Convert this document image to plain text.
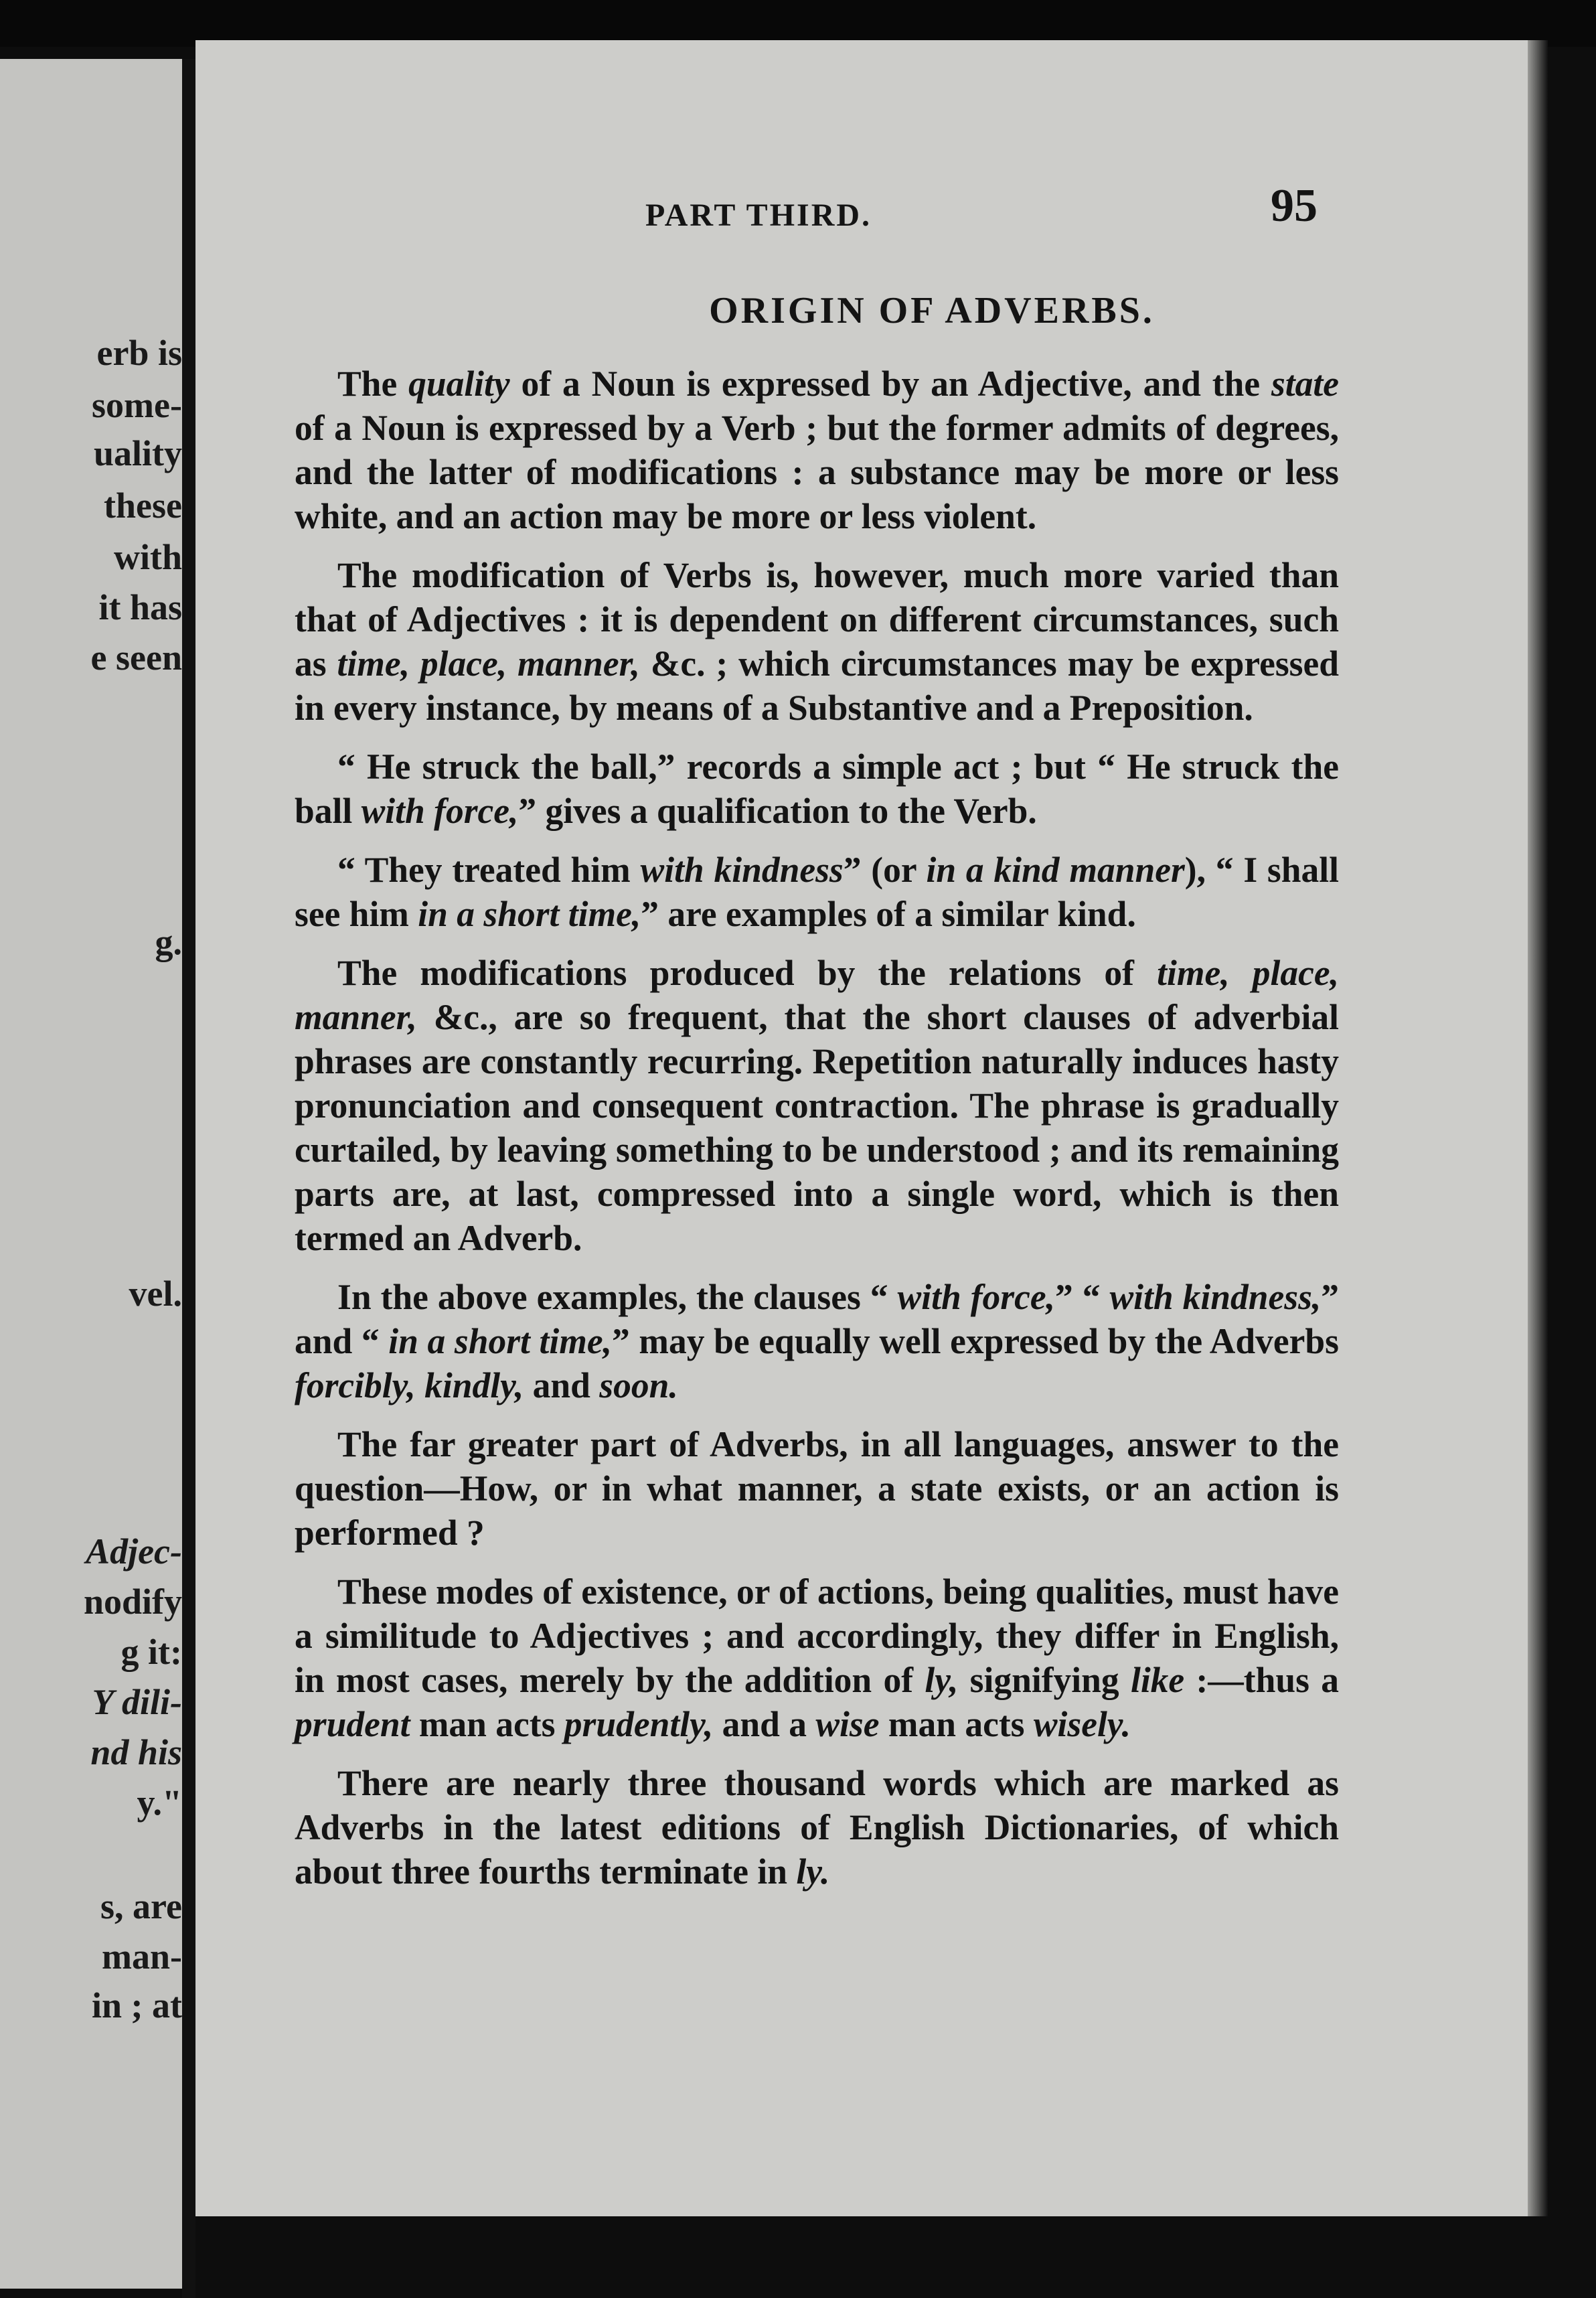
erb is
some-
uality
these
with
it has
e seen
g.
vel.
Adjec-
nodify
g it:
Y dili-
nd his
y."
s, are
man-
in ; at
PART THIRD.	95
ORIGIN OF ADVERBS.

The quality of a Noun is expressed by an Adjective, and the state of a Noun is expressed by a Verb ; but the former admits of degrees, and the latter of modifications : a substance may be more or less white, and an action may be more or less violent.

The modification of Verbs is, however, much more varied than that of Adjectives : it is dependent on different circumstances, such as time, place, manner, &c. ; which circumstances may be expressed in every instance, by means of a Substantive and a Preposition.

“ He struck the ball,” records a simple act ; but “ He struck the ball with force,” gives a qualification to the Verb.

“ They treated him with kindness” (or in a kind manner), “ I shall see him in a short time,” are examples of a similar kind.

The modifications produced by the relations of time, place, manner, &c., are so frequent, that the short clauses of adverbial phrases are constantly recurring. Repetition naturally induces hasty pronunciation and consequent contraction. The phrase is gradually curtailed, by leaving something to be understood ; and its remaining parts are, at last, compressed into a single word, which is then termed an Adverb.

In the above examples, the clauses “ with force,” “ with kindness,” and “ in a short time,” may be equally well expressed by the Adverbs forcibly, kindly, and soon.

The far greater part of Adverbs, in all languages, answer to the question—How, or in what manner, a state exists, or an action is performed ?

These modes of existence, or of actions, being qualities, must have a similitude to Adjectives ; and accordingly, they differ in English, in most cases, merely by the addition of ly, signifying like :—thus a prudent man acts prudently, and a wise man acts wisely.

There are nearly three thousand words which are marked as Adverbs in the latest editions of English Dictionaries, of which about three fourths terminate in ly.
